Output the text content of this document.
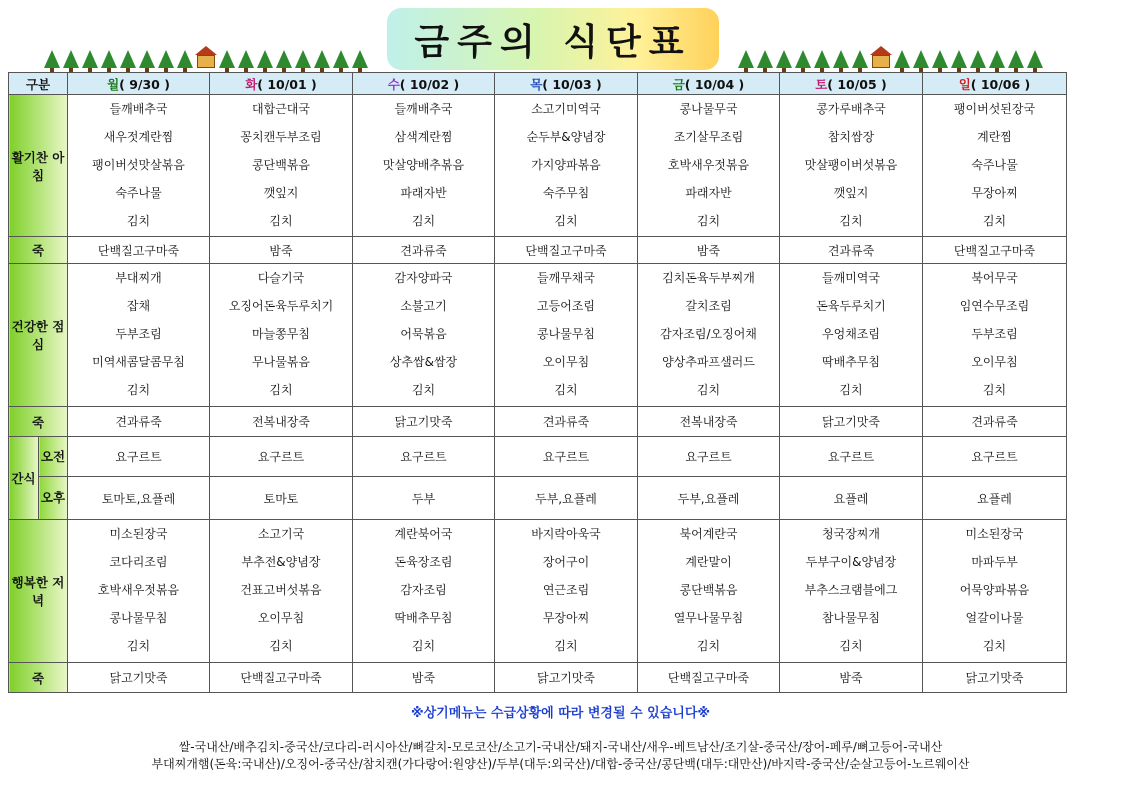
금주의 식단표
구분		월( 9/30 )	화( 10/01 )	수( 10/02 )	목( 10/03 )	금( 10/04 )	토( 10/05 )	일( 10/06 )
활기찬 아침		들깨배추국
새우젓계란찜
팽이버섯맛살볶음
숙주나물
김치	대합근대국
꽁치캔두부조림
콩단백볶음
깻잎지
김치	들깨배추국
삼색계란찜
맛살양배추볶음
파래자반
김치	소고기미역국
순두부&양념장
가지양파볶음
숙주무침
김치	콩나물무국
조기살무조림
호박새우젓볶음
파래자반
김치	콩가루배추국
참치쌈장
맛살팽이버섯볶음
깻잎지
김치	팽이버섯된장국
계란찜
숙주나물
무장아찌
김치

죽		단백질고구마죽	밤죽	견과류죽	단백질고구마죽	밤죽	견과류죽	단백질고구마죽
건강한 점심		부대찌개
잡채
두부조림
미역새콤달콤무침
김치	다슬기국
오징어돈육두루치기
마늘쫑무침
무나물볶음
김치	감자양파국
소불고기
어묵볶음
상추쌈&쌈장
김치	들깨무채국
고등어조림
콩나물무침
오이무침
김치	김치돈육두부찌개
갈치조림
감자조림/오징어채
양상추파프샐러드
김치	들깨미역국
돈육두루치기
우엉채조림
딱배추무침
김치	북어무국
임연수무조림
두부조림
오이무침
김치

죽		견과류죽	전복내장죽	닭고기맛죽	견과류죽	전복내장죽	닭고기맛죽	견과류죽
간식	오전	요구르트	요구르트	요구르트	요구르트	요구르트	요구르트	요구르트
	오후	토마토,요플레	토마토	두부	두부,요플레	두부,요플레	요플레	요플레
행복한 저녁		미소된장국
코다리조림
호박새우젓볶음
콩나물무침
김치	소고기국
부추전&양념장
건표고버섯볶음
오이무침
김치	계란북어국
돈육장조림
감자조림
딱배추무침
김치	바지락아욱국
장어구이
연근조림
무장아찌
김치	북어계란국
계란말이
콩단백볶음
열무나물무침
김치	청국장찌개
두부구이&양념장
부추스크램블에그
참나물무침
김치	미소된장국
마파두부
어묵양파볶음
얼갈이나물
김치

죽		닭고기맛죽	단백질고구마죽	밤죽	닭고기맛죽	단백질고구마죽	밤죽	닭고기맛죽
※상기메뉴는 수급상황에 따라 변경될 수 있습니다※
쌀-국내산/배추김치-중국산/코다리-러시아산/뼈갈치-모로코산/소고기-국내산/돼지-국내산/새우-베트남산/조기살-중국산/장어-페루/뼈고등어-국내산
부대찌개햄(돈육:국내산)/오징어-중국산/참치캔(가다랑어:원양산)/두부(대두:외국산)/대합-중국산/콩단백(대두:대만산)/바지락-중국산/순살고등어-노르웨이산
